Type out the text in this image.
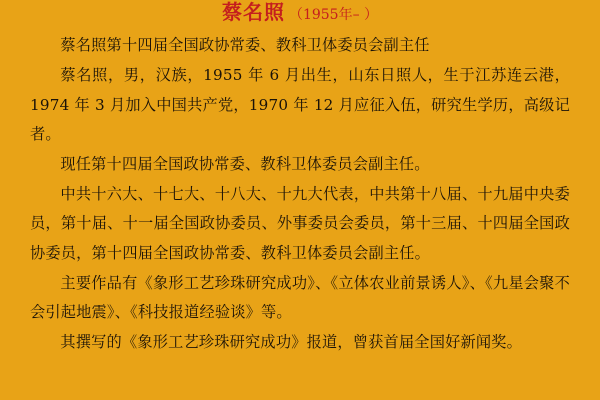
蔡名照 （1955年– ）

蔡名照第十四届全国政协常委、教科卫体委员会副主任

蔡名照，男，汉族，1955 年 6 月出生，山东日照人，生于江苏连云港，1974 年 3 月加入中国共产党，1970 年 12 月应征入伍，研究生学历，高级记者。

现任第十四届全国政协常委、教科卫体委员会副主任。

中共十六大、十七大、十八大、十九大代表，中共第十八届、十九届中央委员，第十届、十一届全国政协委员、外事委员会委员，第十三届、十四届全国政协委员，第十四届全国政协常委、教科卫体委员会副主任。

主要作品有《象形工艺珍珠研究成功》、《立体农业前景诱人》、《九星会聚不会引起地震》、《科技报道经验谈》等。

其撰写的《象形工艺珍珠研究成功》报道，曾获首届全国好新闻奖。
